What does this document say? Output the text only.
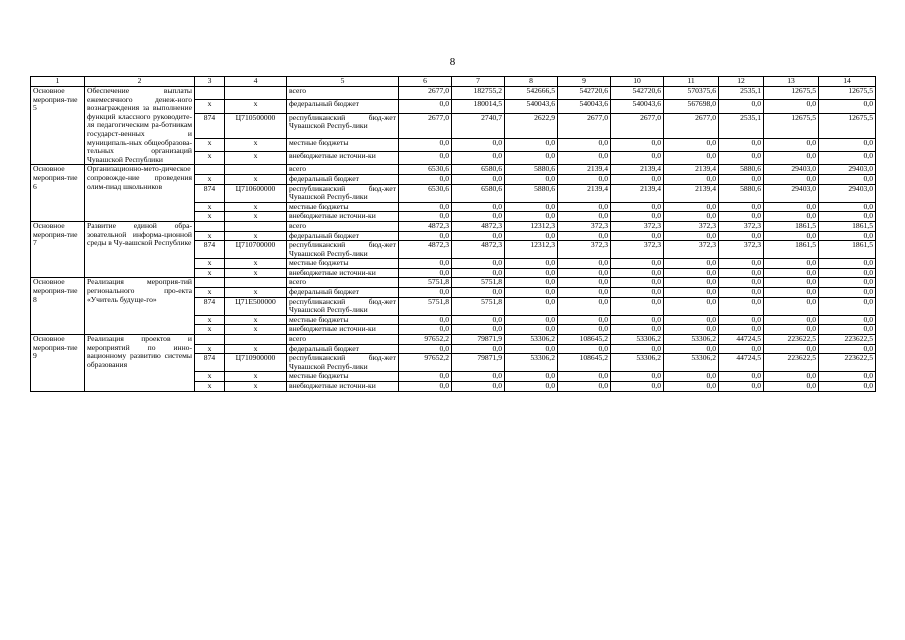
8
1	2	3	4	5	6	7	8	9	10	11	12	13	14
Основное мероприя-тие 5	Обеспечение выплаты ежемесячного денеж-ного вознаграждения за выполнение функций классного руководите-ля педагогическим ра-ботникам государст-венных и муниципаль-ных общеобразова-тельных организаций Чувашской Республики			всего	2677,0	182755,2	542666,5	542720,6	542720,6	570375,6	2535,1	12675,5	12675,5
		х	х	федеральный бюджет	0,0	180014,5	540043,6	540043,6	540043,6	567698,0	0,0	0,0	0,0
		874	Ц710500000	республиканский бюд-жет Чувашской Респуб-лики	2677,0	2740,7	2622,9	2677,0	2677,0	2677,0	2535,1	12675,5	12675,5
		х	х	местные бюджеты	0,0	0,0	0,0	0,0	0,0	0,0	0,0	0,0	0,0
		х	х	внебюджетные источни-ки	0,0	0,0	0,0	0,0	0,0	0,0	0,0	0,0	0,0
Основное мероприя-тие 6	Организационно-мето-дическое сопровожде-ние проведения олим-пиад школьников			всего	6530,6	6580,6	5880,6	2139,4	2139,4	2139,4	5880,6	29403,0	29403,0
		х	х	федеральный бюджет	0,0	0,0	0,0	0,0	0,0	0,0	0,0	0,0	0,0
		874	Ц710600000	республиканский бюд-жет Чувашской Респуб-лики	6530,6	6580,6	5880,6	2139,4	2139,4	2139,4	5880,6	29403,0	29403,0
		х	х	местные бюджеты	0,0	0,0	0,0	0,0	0,0	0,0	0,0	0,0	0,0
		х	х	внебюджетные источни-ки	0,0	0,0	0,0	0,0	0,0	0,0	0,0	0,0	0,0
Основное мероприя-тие 7	Развитие единой обра-зовательной информа-ционной среды в Чу-вашской Республике			всего	4872,3	4872,3	12312,3	372,3	372,3	372,3	372,3	1861,5	1861,5
		х	х	федеральный бюджет	0,0	0,0	0,0	0,0	0,0	0,0	0,0	0,0	0,0
		874	Ц710700000	республиканский бюд-жет Чувашской Респуб-лики	4872,3	4872,3	12312,3	372,3	372,3	372,3	372,3	1861,5	1861,5
		х	х	местные бюджеты	0,0	0,0	0,0	0,0	0,0	0,0	0,0	0,0	0,0
		х	х	внебюджетные источни-ки	0,0	0,0	0,0	0,0	0,0	0,0	0,0	0,0	0,0
Основное мероприя-тие 8	Реализация мероприя-тий регионального про-екта «Учитель будуще-го»			всего	5751,8	5751,8	0,0	0,0	0,0	0,0	0,0	0,0	0,0
		х	х	федеральный бюджет	0,0	0,0	0,0	0,0	0,0	0,0	0,0	0,0	0,0
		874	Ц71Е500000	республиканский бюд-жет Чувашской Респуб-лики	5751,8	5751,8	0,0	0,0	0,0	0,0	0,0	0,0	0,0
		х	х	местные бюджеты	0,0	0,0	0,0	0,0	0,0	0,0	0,0	0,0	0,0
		х	х	внебюджетные источни-ки	0,0	0,0	0,0	0,0	0,0	0,0	0,0	0,0	0,0
Основное мероприя-тие 9	Реализация проектов и мероприятий по инно-вационному развитию системы образования			всего	97652,2	79871,9	53306,2	108645,2	53306,2	53306,2	44724,5	223622,5	223622,5
		х	х	федеральный бюджет	0,0	0,0	0,0	0,0	0,0	0,0	0,0	0,0	0,0
		874	Ц710900000	республиканский бюд-жет Чувашской Респуб-лики	97652,2	79871,9	53306,2	108645,2	53306,2	53306,2	44724,5	223622,5	223622,5
		х	х	местные бюджеты	0,0	0,0	0,0	0,0	0,0	0,0	0,0	0,0	0,0
		х	х	внебюджетные источни-ки	0,0	0,0	0,0	0,0	0,0	0,0	0,0	0,0	0,0
